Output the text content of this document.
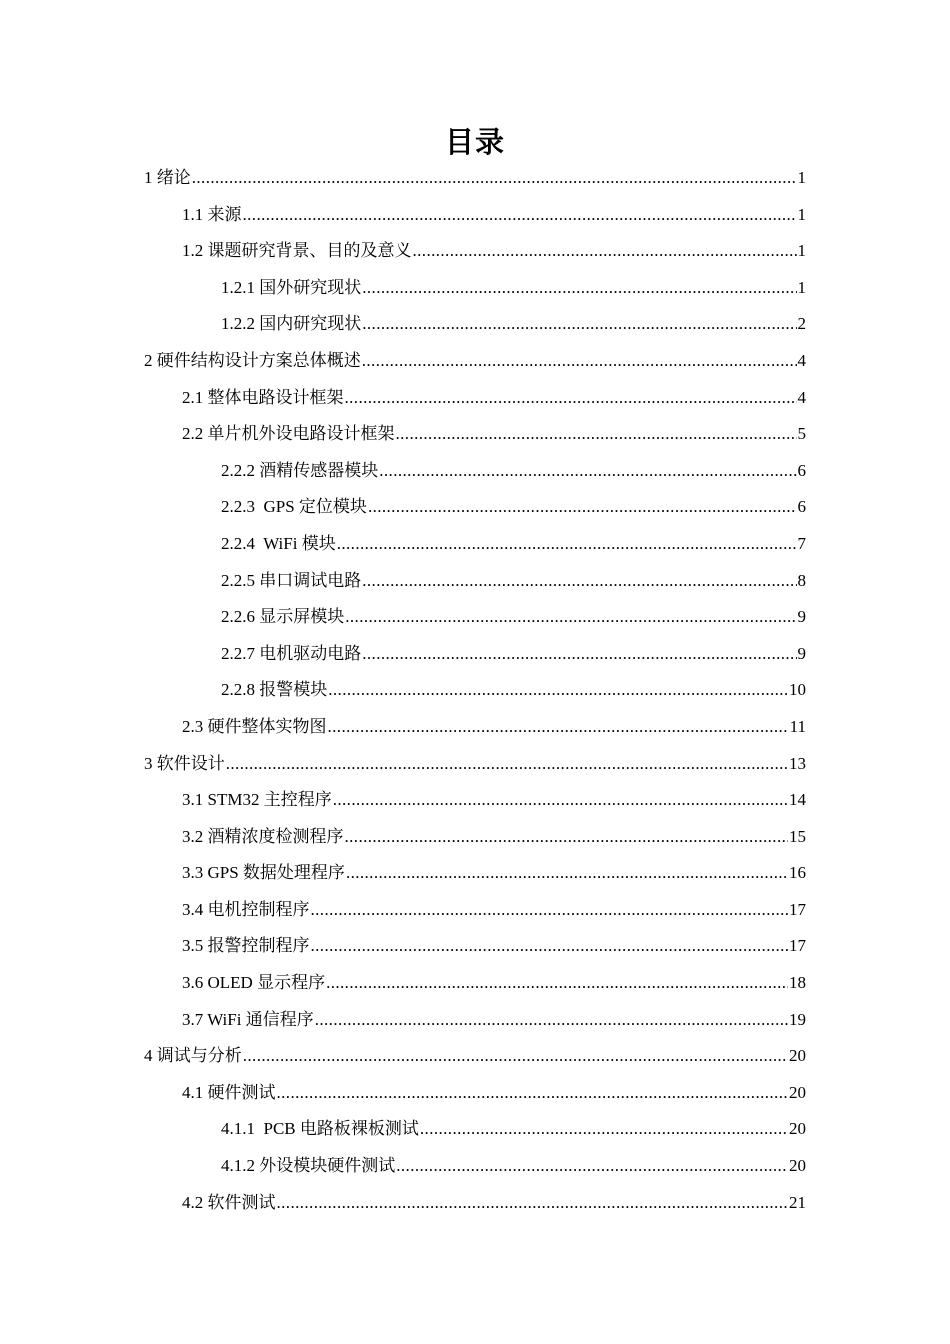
目录
1 绪论 .....	1
1.1 来源 .....	1
1.2 课题研究背景、目的及意义 .....	1
1.2.1 国外研究现状 .....	1
1.2.2 国内研究现状 .....	2
2 硬件结构设计方案总体概述 .....	4
2.1 整体电路设计框架 .....	4
2.2 单片机外设电路设计框架 .....	5
2.2.2 酒精传感器模块 .....	6
2.2.3  GPS 定位模块 .....	6
2.2.4  WiFi 模块 .....	7
2.2.5 串口调试电路 .....	8
2.2.6 显示屏模块 .....	9
2.2.7 电机驱动电路 .....	9
2.2.8 报警模块 .....	10
2.3 硬件整体实物图 .....	11
3 软件设计 .....	13
3.1 STM32 主控程序 .....	14
3.2 酒精浓度检测程序 .....	15
3.3 GPS 数据处理程序 .....	16
3.4 电机控制程序 .....	17
3.5 报警控制程序 .....	17
3.6 OLED 显示程序 .....	18
3.7 WiFi 通信程序 .....	19
4 调试与分析 .....	20
4.1 硬件测试 .....	20
4.1.1  PCB 电路板裸板测试 .....	20
4.1.2 外设模块硬件测试 .....	20
4.2 软件测试 .....	21
